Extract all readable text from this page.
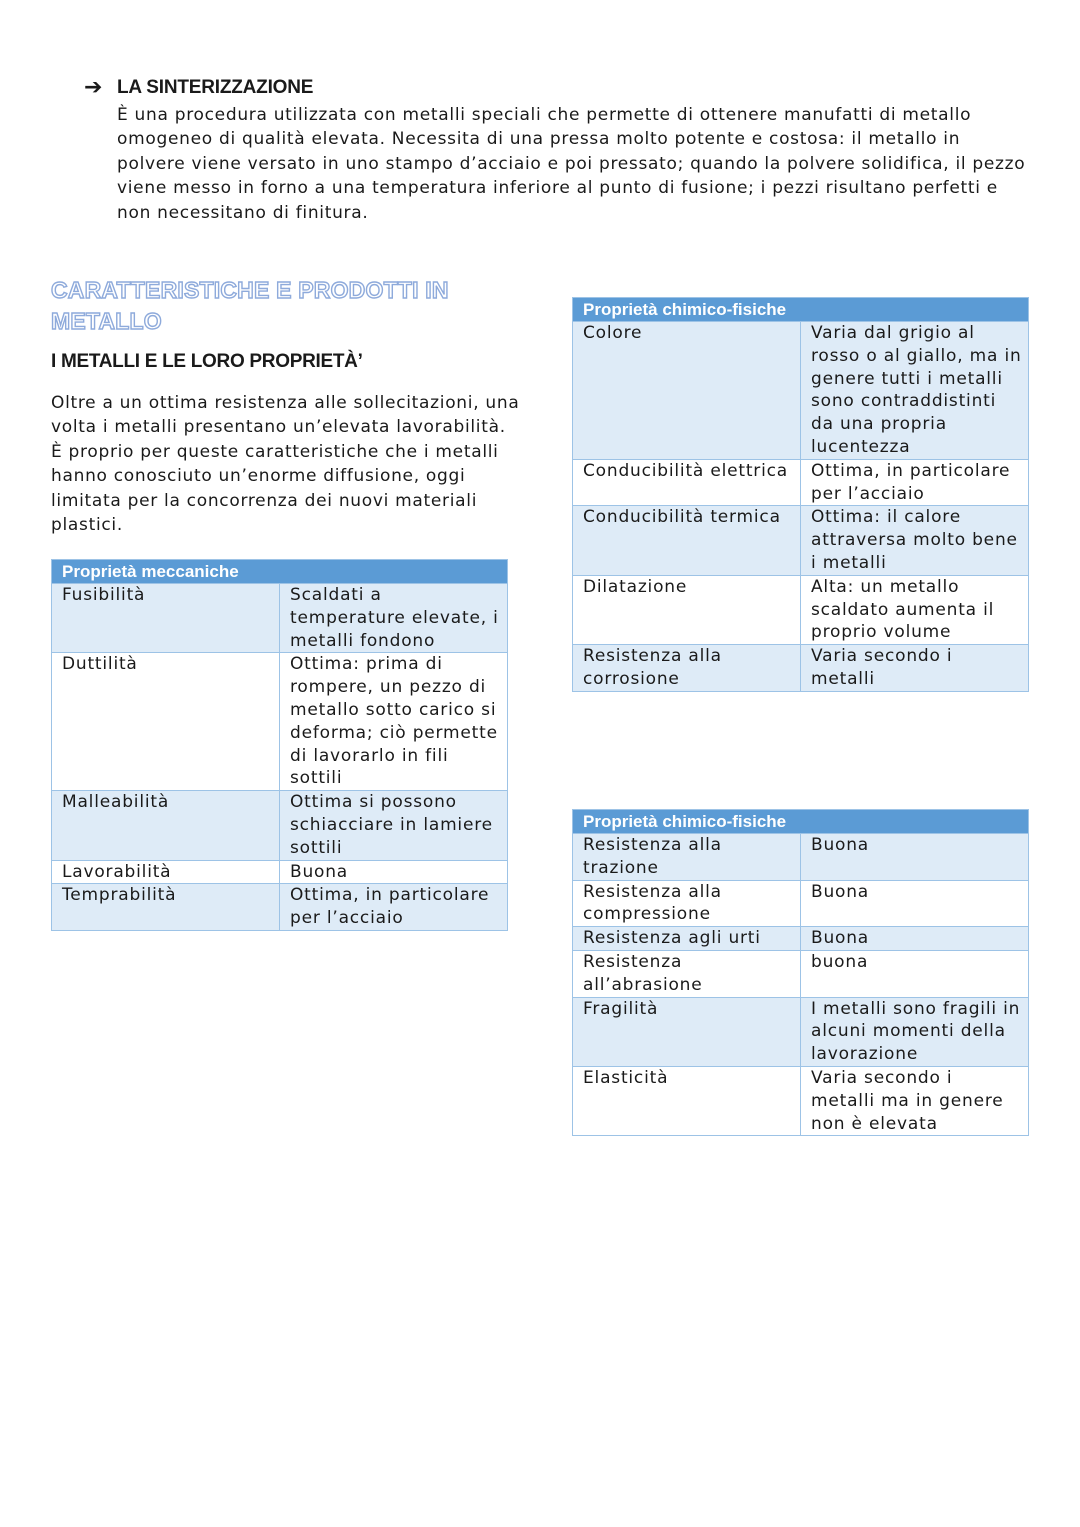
➔ LA SINTERIZZAZIONE
È una procedura utilizzata con metalli speciali che permette di ottenere manufatti di metallo omogeneo di qualità elevata. Necessita di una pressa molto potente e costosa: il metallo in polvere viene versato in uno stampo d’acciaio e poi pressato; quando la polvere solidifica, il pezzo viene messo in forno a una temperatura inferiore al punto di fusione; i pezzi risultano perfetti e non necessitano di finitura.
CARATTERISTICHE E PRODOTTI IN METALLO
I METALLI E LE LORO PROPRIETÀ’
Oltre a un ottima resistenza alle sollecitazioni, una volta i metalli presentano un’elevata lavorabilità. È proprio per queste caratteristiche che i metalli hanno conosciuto un’enorme diffusione, oggi limitata per la concorrenza dei nuovi materiali plastici.
Proprietà meccaniche	
Fusibilità	Scaldati a temperature elevate, i metalli fondono
Duttilità	Ottima: prima di rompere, un pezzo di metallo sotto carico si deforma; ciò permette di lavorarlo in fili sottili
Malleabilità	Ottima si possono schiacciare in lamiere sottili
Lavorabilità	Buona
Temprabilità	Ottima, in particolare per l’acciaio
Proprietà chimico-fisiche	
Colore	Varia dal grigio al rosso o al giallo, ma in genere tutti i metalli sono contraddistinti da una propria lucentezza
Conducibilità elettrica	Ottima, in particolare per l’acciaio
Conducibilità termica	Ottima: il calore attraversa molto bene i metalli
Dilatazione	Alta: un metallo scaldato aumenta il proprio volume
Resistenza alla corrosione	Varia secondo i metalli
Proprietà chimico-fisiche	
Resistenza alla trazione	Buona
Resistenza alla compressione	Buona
Resistenza agli urti	Buona
Resistenza all’abrasione	buona
Fragilità	I metalli sono fragili in alcuni momenti della lavorazione
Elasticità	Varia secondo i metalli ma in genere non è elevata
